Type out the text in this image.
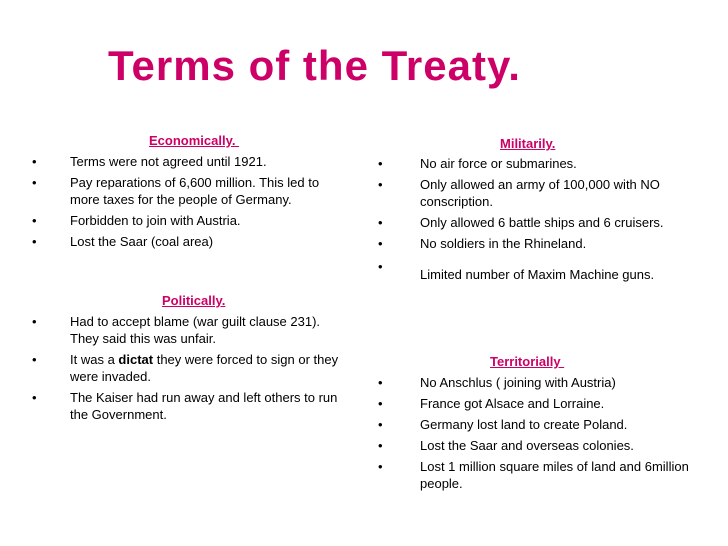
Terms of the Treaty.
Economically.
•	Terms were not agreed until 1921.
•	Pay reparations of 6,600 million. This led to more taxes for the people of Germany.
•	Forbidden to join with Austria.
•	Lost the Saar (coal area)
Politically.
•	Had to accept blame (war guilt clause 231). They said this was unfair.
•	It was a dictat they were forced to sign or they were invaded.
•	The Kaiser had run away and left others to run the Government.
Militarily.
•	No air force or submarines.
•	Only allowed an army of 100,000 with NO conscription.
•	Only allowed 6 battle ships and 6 cruisers.
•	No soldiers in the Rhineland.
•
Limited number of Maxim Machine guns.
Territorially
•	No Anschlus ( joining with Austria)
•	France got Alsace and Lorraine.
•	Germany lost land to create Poland.
•	Lost the Saar and overseas colonies.
•	Lost 1 million square miles of land and 6million people.
